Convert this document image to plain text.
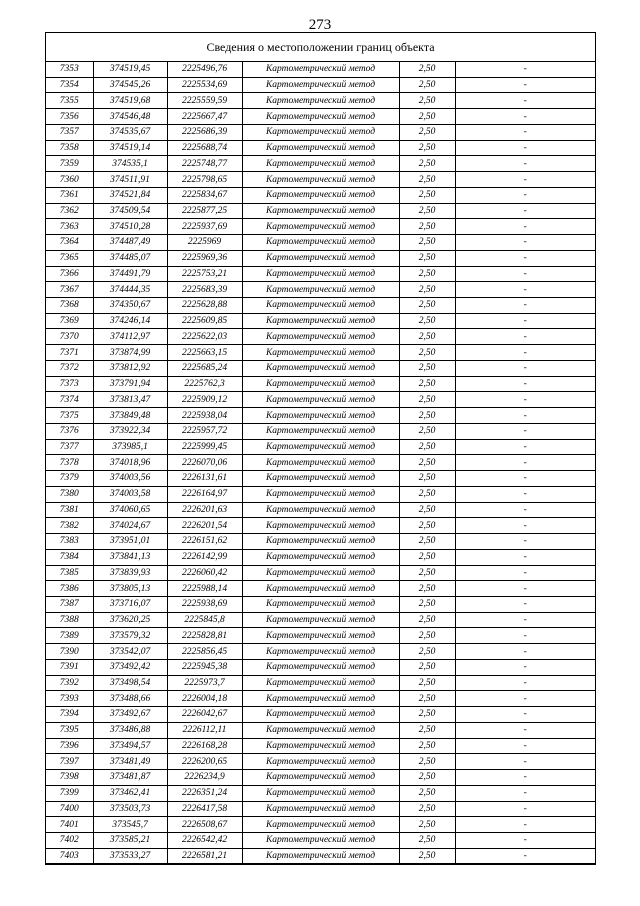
273
Сведения о местоположении границ объекта
7353	374519,45	2225496,76	Картометрический метод	2,50	-
7354	374545,26	2225534,69	Картометрический метод	2,50	-
7355	374519,68	2225559,59	Картометрический метод	2,50	-
7356	374546,48	2225667,47	Картометрический метод	2,50	-
7357	374535,67	2225686,39	Картометрический метод	2,50	-
7358	374519,14	2225688,74	Картометрический метод	2,50	-
7359	374535,1	2225748,77	Картометрический метод	2,50	-
7360	374511,91	2225798,65	Картометрический метод	2,50	-
7361	374521,84	2225834,67	Картометрический метод	2,50	-
7362	374509,54	2225877,25	Картометрический метод	2,50	-
7363	374510,28	2225937,69	Картометрический метод	2,50	-
7364	374487,49	2225969	Картометрический метод	2,50	-
7365	374485,07	2225969,36	Картометрический метод	2,50	-
7366	374491,79	2225753,21	Картометрический метод	2,50	-
7367	374444,35	2225683,39	Картометрический метод	2,50	-
7368	374350,67	2225628,88	Картометрический метод	2,50	-
7369	374246,14	2225609,85	Картометрический метод	2,50	-
7370	374112,97	2225622,03	Картометрический метод	2,50	-
7371	373874,99	2225663,15	Картометрический метод	2,50	-
7372	373812,92	2225685,24	Картометрический метод	2,50	-
7373	373791,94	2225762,3	Картометрический метод	2,50	-
7374	373813,47	2225909,12	Картометрический метод	2,50	-
7375	373849,48	2225938,04	Картометрический метод	2,50	-
7376	373922,34	2225957,72	Картометрический метод	2,50	-
7377	373985,1	2225999,45	Картометрический метод	2,50	-
7378	374018,96	2226070,06	Картометрический метод	2,50	-
7379	374003,56	2226131,61	Картометрический метод	2,50	-
7380	374003,58	2226164,97	Картометрический метод	2,50	-
7381	374060,65	2226201,63	Картометрический метод	2,50	-
7382	374024,67	2226201,54	Картометрический метод	2,50	-
7383	373951,01	2226151,62	Картометрический метод	2,50	-
7384	373841,13	2226142,99	Картометрический метод	2,50	-
7385	373839,93	2226060,42	Картометрический метод	2,50	-
7386	373805,13	2225988,14	Картометрический метод	2,50	-
7387	373716,07	2225938,69	Картометрический метод	2,50	-
7388	373620,25	2225845,8	Картометрический метод	2,50	-
7389	373579,32	2225828,81	Картометрический метод	2,50	-
7390	373542,07	2225856,45	Картометрический метод	2,50	-
7391	373492,42	2225945,38	Картометрический метод	2,50	-
7392	373498,54	2225973,7	Картометрический метод	2,50	-
7393	373488,66	2226004,18	Картометрический метод	2,50	-
7394	373492,67	2226042,67	Картометрический метод	2,50	-
7395	373486,88	2226112,11	Картометрический метод	2,50	-
7396	373494,57	2226168,28	Картометрический метод	2,50	-
7397	373481,49	2226200,65	Картометрический метод	2,50	-
7398	373481,87	2226234,9	Картометрический метод	2,50	-
7399	373462,41	2226351,24	Картометрический метод	2,50	-
7400	373503,73	2226417,58	Картометрический метод	2,50	-
7401	373545,7	2226508,67	Картометрический метод	2,50	-
7402	373585,21	2226542,42	Картометрический метод	2,50	-
7403	373533,27	2226581,21	Картометрический метод	2,50	-
